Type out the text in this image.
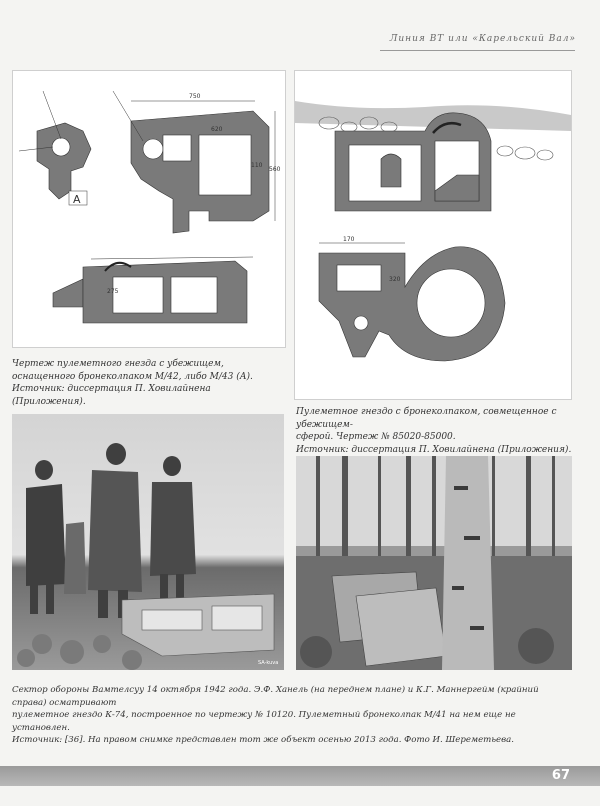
Линия ВТ или «Карельский Вал»
А
750
620
110
560
275
Чертеж пулеметного гнезда с убежищем, оснащенного бронеколпаком М/42, либо М/43 (А). Источник: диссертация П. Ховилайнена (Приложения).
170
320
Пулеметное гнездо с бронеколпаком, совмещенное с убежищем-
сферой. Чертеж № 85020-85000.
Источник: диссертация П. Ховилайнена (Приложения).
SA-kuva
Сектор обороны Вамmелсуу 14 октября 1942 года. Э.Ф. Ханель (на переднем плане) и К.Г. Маннергейм (крайний справа) осматривают
пулеметное гнездо К-74, построенное по чертежу № 10120. Пулеметный бронеколпак М/41 на нем еще не установлен.
Источник: [36]. На правом снимке представлен тот же объект осенью 2013 года. Фото И. Шереметьева.
67
